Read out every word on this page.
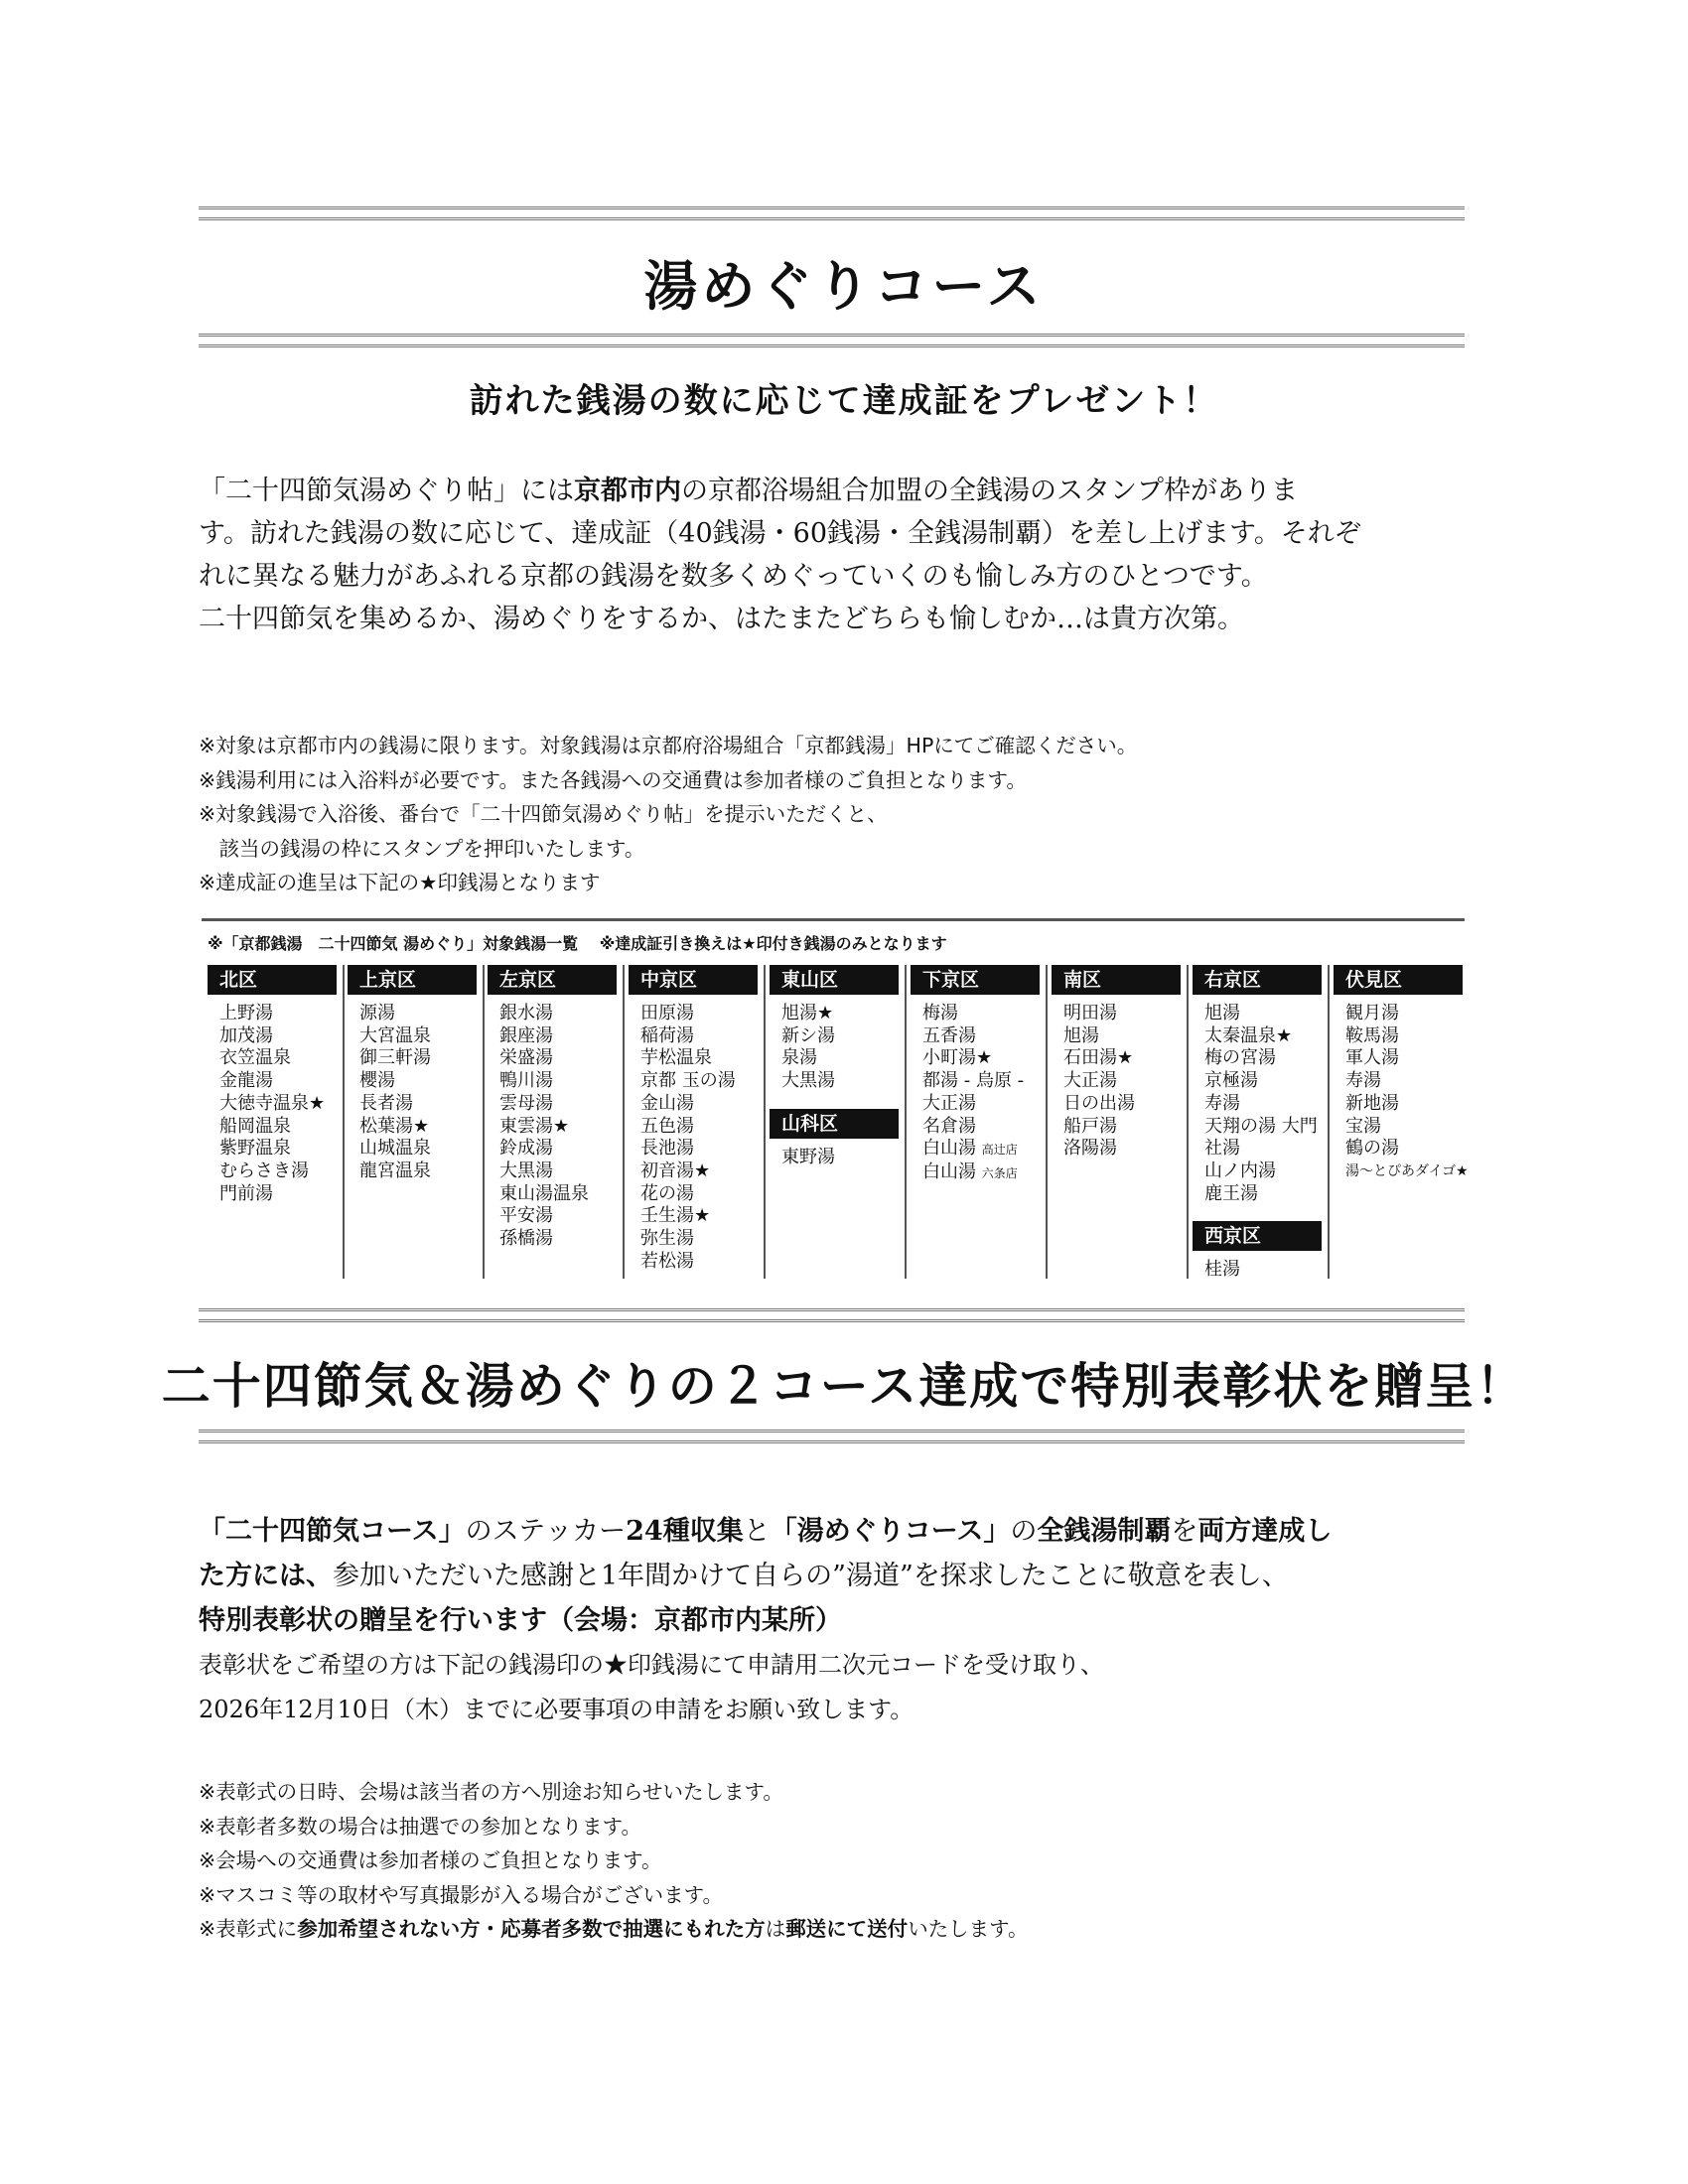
湯めぐりコース
訪れた銭湯の数に応じて達成証をプレゼント！

「二十四節気湯めぐり帖」には京都市内の京都浴場組合加盟の全銭湯のスタンプ枠がありま

す。訪れた銭湯の数に応じて、達成証（40銭湯・60銭湯・全銭湯制覇）を差し上げます。それぞ

れに異なる魅力があふれる京都の銭湯を数多くめぐっていくのも愉しみ方のひとつです。

二十四節気を集めるか、湯めぐりをするか、はたまたどちらも愉しむか…は貴方次第。

※対象は京都市内の銭湯に限ります。対象銭湯は京都府浴場組合「京都銭湯」HPにてご確認ください。

※銭湯利用には入浴料が必要です。また各銭湯への交通費は参加者様のご負担となります。

※対象銭湯で入浴後、番台で「二十四節気湯めぐり帖」を提示いただくと、

　該当の銭湯の枠にスタンプを押印いたします。

※達成証の進呈は下記の★印銭湯となります

※「京都銭湯　二十四節気 湯めぐり」対象銭湯一覧　 ※達成証引き換えは★印付き銭湯のみとなります
北区
上野湯
加茂湯
衣笠温泉
金龍湯
大徳寺温泉★
船岡温泉
紫野温泉
むらさき湯
門前湯
上京区
源湯
大宮温泉
御三軒湯
櫻湯
長者湯
松葉湯★
山城温泉
龍宮温泉
左京区
銀水湯
銀座湯
栄盛湯
鴨川湯
雲母湯
東雲湯★
鈴成湯
大黒湯
東山湯温泉
平安湯
孫橋湯
中京区
田原湯
稲荷湯
芋松温泉
京都 玉の湯
金山湯
五色湯
長池湯
初音湯★
花の湯
壬生湯★
弥生湯
若松湯
東山区
旭湯★
新シ湯
泉湯
大黒湯
山科区
東野湯
下京区
梅湯
五香湯
小町湯★
都湯 - 烏原 -
大正湯
名倉湯
白山湯 高辻店
白山湯 六条店
南区
明田湯
旭湯
石田湯★
大正湯
日の出湯
船戸湯
洛陽湯
右京区
旭湯
太秦温泉★
梅の宮湯
京極湯
寿湯
天翔の湯 大門
社湯
山ノ内湯
鹿王湯
西京区
桂湯
伏見区
観月湯
鞍馬湯
軍人湯
寿湯
新地湯
宝湯
鶴の湯
湯～とぴあダイゴ★
二十四節気＆湯めぐりの２コース達成で特別表彰状を贈呈！

「二十四節気コース」のステッカー24種収集と「湯めぐりコース」の全銭湯制覇を両方達成し

た方には、参加いただいた感謝と1年間かけて自らの”湯道”を探求したことに敬意を表し、

特別表彰状の贈呈を行います（会場：京都市内某所）

表彰状をご希望の方は下記の銭湯印の★印銭湯にて申請用二次元コードを受け取り、

2026年12月10日（木）までに必要事項の申請をお願い致します。

※表彰式の日時、会場は該当者の方へ別途お知らせいたします。

※表彰者多数の場合は抽選での参加となります。

※会場への交通費は参加者様のご負担となります。

※マスコミ等の取材や写真撮影が入る場合がございます。

※表彰式に参加希望されない方・応募者多数で抽選にもれた方は郵送にて送付いたします。
